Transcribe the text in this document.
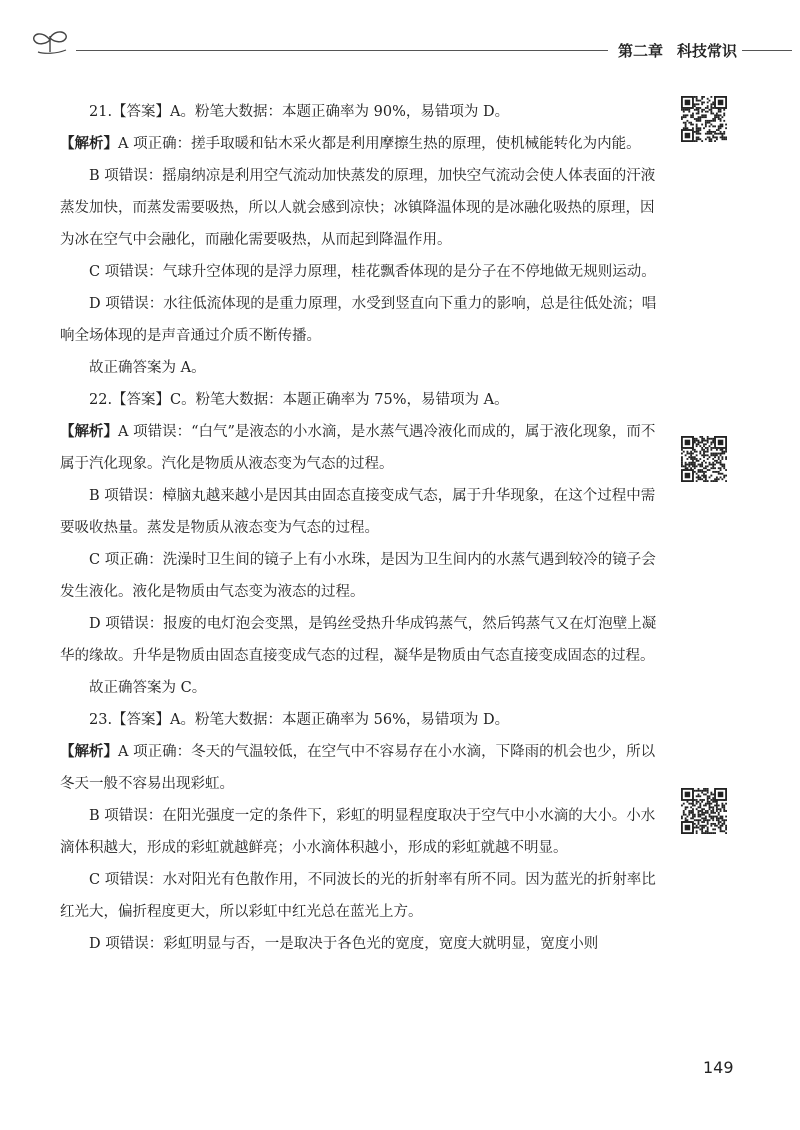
第二章 科技常识

21.【答案】A。粉笔大数据：本题正确率为 90%，易错项为 D。

【解析】A 项正确：搓手取暖和钻木采火都是利用摩擦生热的原理，使机械能转化为内能。

B 项错误：摇扇纳凉是利用空气流动加快蒸发的原理，加快空气流动会使人体表面的汗液蒸发加快，而蒸发需要吸热，所以人就会感到凉快；冰镇降温体现的是冰融化吸热的原理，因为冰在空气中会融化，而融化需要吸热，从而起到降温作用。

C 项错误：气球升空体现的是浮力原理，桂花飘香体现的是分子在不停地做无规则运动。

D 项错误：水往低流体现的是重力原理，水受到竖直向下重力的影响，总是往低处流；唱响全场体现的是声音通过介质不断传播。

故正确答案为 A。

22.【答案】C。粉笔大数据：本题正确率为 75%，易错项为 A。

【解析】A 项错误：“白气”是液态的小水滴，是水蒸气遇冷液化而成的，属于液化现象，而不属于汽化现象。汽化是物质从液态变为气态的过程。

B 项错误：樟脑丸越来越小是因其由固态直接变成气态，属于升华现象，在这个过程中需要吸收热量。蒸发是物质从液态变为气态的过程。

C 项正确：洗澡时卫生间的镜子上有小水珠，是因为卫生间内的水蒸气遇到较冷的镜子会发生液化。液化是物质由气态变为液态的过程。

D 项错误：报废的电灯泡会变黑，是钨丝受热升华成钨蒸气，然后钨蒸气又在灯泡壁上凝华的缘故。升华是物质由固态直接变成气态的过程，凝华是物质由气态直接变成固态的过程。

故正确答案为 C。

23.【答案】A。粉笔大数据：本题正确率为 56%，易错项为 D。

【解析】A 项正确：冬天的气温较低，在空气中不容易存在小水滴，下降雨的机会也少，所以冬天一般不容易出现彩虹。

B 项错误：在阳光强度一定的条件下，彩虹的明显程度取决于空气中小水滴的大小。小水滴体积越大，形成的彩虹就越鲜亮；小水滴体积越小，形成的彩虹就越不明显。

C 项错误：水对阳光有色散作用，不同波长的光的折射率有所不同。因为蓝光的折射率比红光大，偏折程度更大，所以彩虹中红光总在蓝光上方。

D 项错误：彩虹明显与否，一是取决于各色光的宽度，宽度大就明显，宽度小则

149
